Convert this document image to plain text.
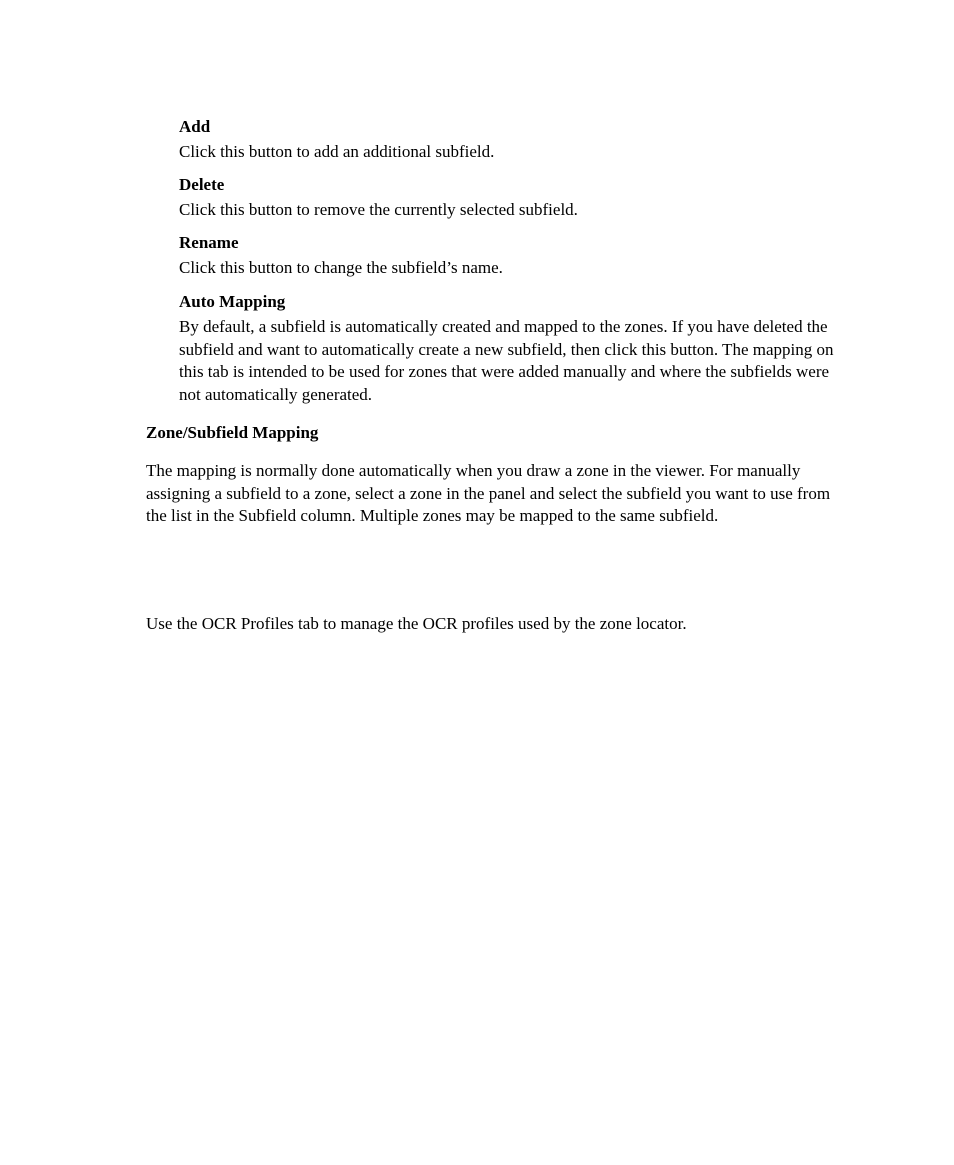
Add

Click this button to add an additional subfield.

Delete

Click this button to remove the currently selected subfield.

Rename

Click this button to change the subfield’s name.

Auto Mapping

By default, a subfield is automatically created and mapped to the zones. If you have deleted the subfield and want to automatically create a new subfield, then click this button. The mapping on this tab is intended to be used for zones that were added manually and where the subfields were not automatically generated.

Zone/Subfield Mapping

The mapping is normally done automatically when you draw a zone in the viewer. For manually assigning a subfield to a zone, select a zone in the panel and select the subfield you want to use from the list in the Subfield column. Multiple zones may be mapped to the same subfield.

Use the OCR Profiles tab to manage the OCR profiles used by the zone locator.
